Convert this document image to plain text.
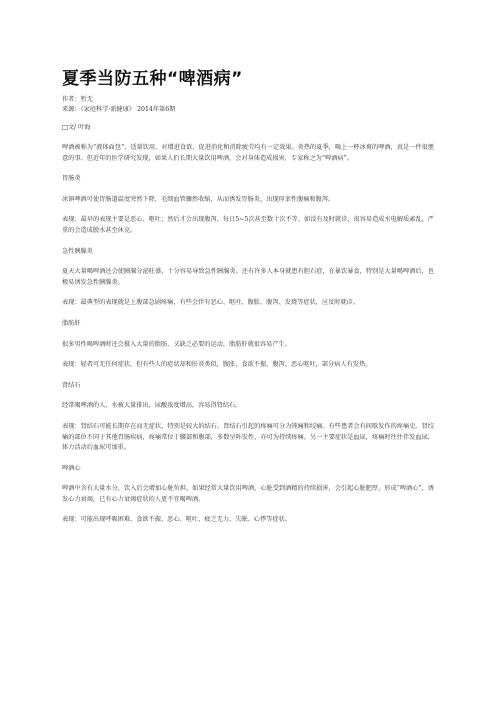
夏季当防五种“啤酒病”

作者：暂无

来源：《家庭科学·新健康》 2014年第6期

□文/ 叶海

啤酒被称为“液体面包”，适量饮用，对增进食欲、促进消化和消除疲劳均有一定效果。炎热的夏季，喝上一杯冰爽的啤酒，真是一件很惬意的事。但近年的医学研究发现，如果人们长期大量饮用啤酒，会对身体造成损害，专家称之为“啤酒病”。

胃肠炎

冰镇啤酒可使胃肠道温度突然下降，毛细血管骤然收缩，从而诱发胃肠炎，出现痉挛性腹痛和腹泻。

表现：最早的表现主要是恶心、呕吐；然后才会出现腹泻，每日5~5次甚至数十次不等，如没有及时就诊，很容易造成水电解质紊乱，严重的会造成脱水甚至休克。

急性胰腺炎

夏天大量喝啤酒还会使胰腺分泌旺盛，十分容易导致急性胰腺炎。还有许多人本身就患有胆石症，在暴饮暴食，特别是大量喝啤酒后，也极易诱发急性胰腺炎。

表现：最典型的表现就是上腹部急剧疼痛，有些会伴有恶心、呕吐、腹胀、腹泻、发烧等症状，应及时就诊。

脂肪肝

很多男性喝啤酒时还会摄入大量的脂肪，又缺乏必要的运动，脂肪肝就很容易产生。

表现：轻者可无任何症状，但有些人的症状却和肝炎类似，腹胀、食欲不振、腹泻、恶心呕吐，部分病人有发热。

肾结石

经常喝啤酒的人，水被大量排出，尿酸浓度增高，容易得肾结石。

表现：肾结石可能长期存在而无症状，特别是较大的结石。肾结石引起的疼痛可分为钝痛和绞痛。有些患者会有间歇发作的疼痛史。肾绞痛的部位不同于其他胃肠疾病，疼痛常位于腰部和腹部，多数呈阵发性，亦可为持续疼痛。另一主要症状是血尿，疼痛时往往伴发血尿，体力活动后血尿可加重。

啤酒心

啤酒中含有大量水分，饮入后会增加心脏负担。如果经常大量饮用啤酒，心脏受到酒精的持续损害，会引起心脏肥厚，形成“啤酒心”，诱发心力衰竭，已有心力衰竭症状的人更不宜喝啤酒。

表现：可能出现呼吸困难、食欲不振、恶心、呕吐、疲乏无力、失眠、心悸等症状。
